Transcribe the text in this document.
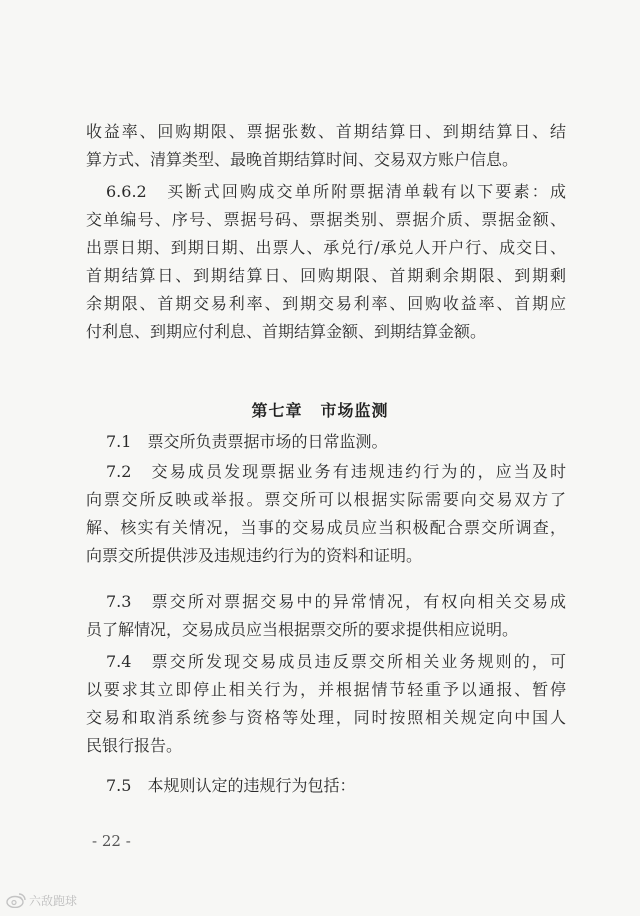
收益率、回购期限、票据张数、首期结算日、到期结算日、结
算方式、清算类型、最晚首期结算时间、交易双方账户信息。
6.6.2　买断式回购成交单所附票据清单载有以下要素：成
交单编号、序号、票据号码、票据类别、票据介质、票据金额、
出票日期、到期日期、出票人、承兑行/承兑人开户行、成交日、
首期结算日、到期结算日、回购期限、首期剩余期限、到期剩
余期限、首期交易利率、到期交易利率、回购收益率、首期应
付利息、到期应付利息、首期结算金额、到期结算金额。
第七章 市场监测
7.1　票交所负责票据市场的日常监测。
7.2　交易成员发现票据业务有违规违约行为的，应当及时
向票交所反映或举报。票交所可以根据实际需要向交易双方了
解、核实有关情况，当事的交易成员应当积极配合票交所调查，
向票交所提供涉及违规违约行为的资料和证明。
7.3　票交所对票据交易中的异常情况，有权向相关交易成
员了解情况，交易成员应当根据票交所的要求提供相应说明。
7.4　票交所发现交易成员违反票交所相关业务规则的，可
以要求其立即停止相关行为，并根据情节轻重予以通报、暂停
交易和取消系统参与资格等处理，同时按照相关规定向中国人
民银行报告。
7.5　本规则认定的违规行为包括：
- 22 -
六敌跑球
